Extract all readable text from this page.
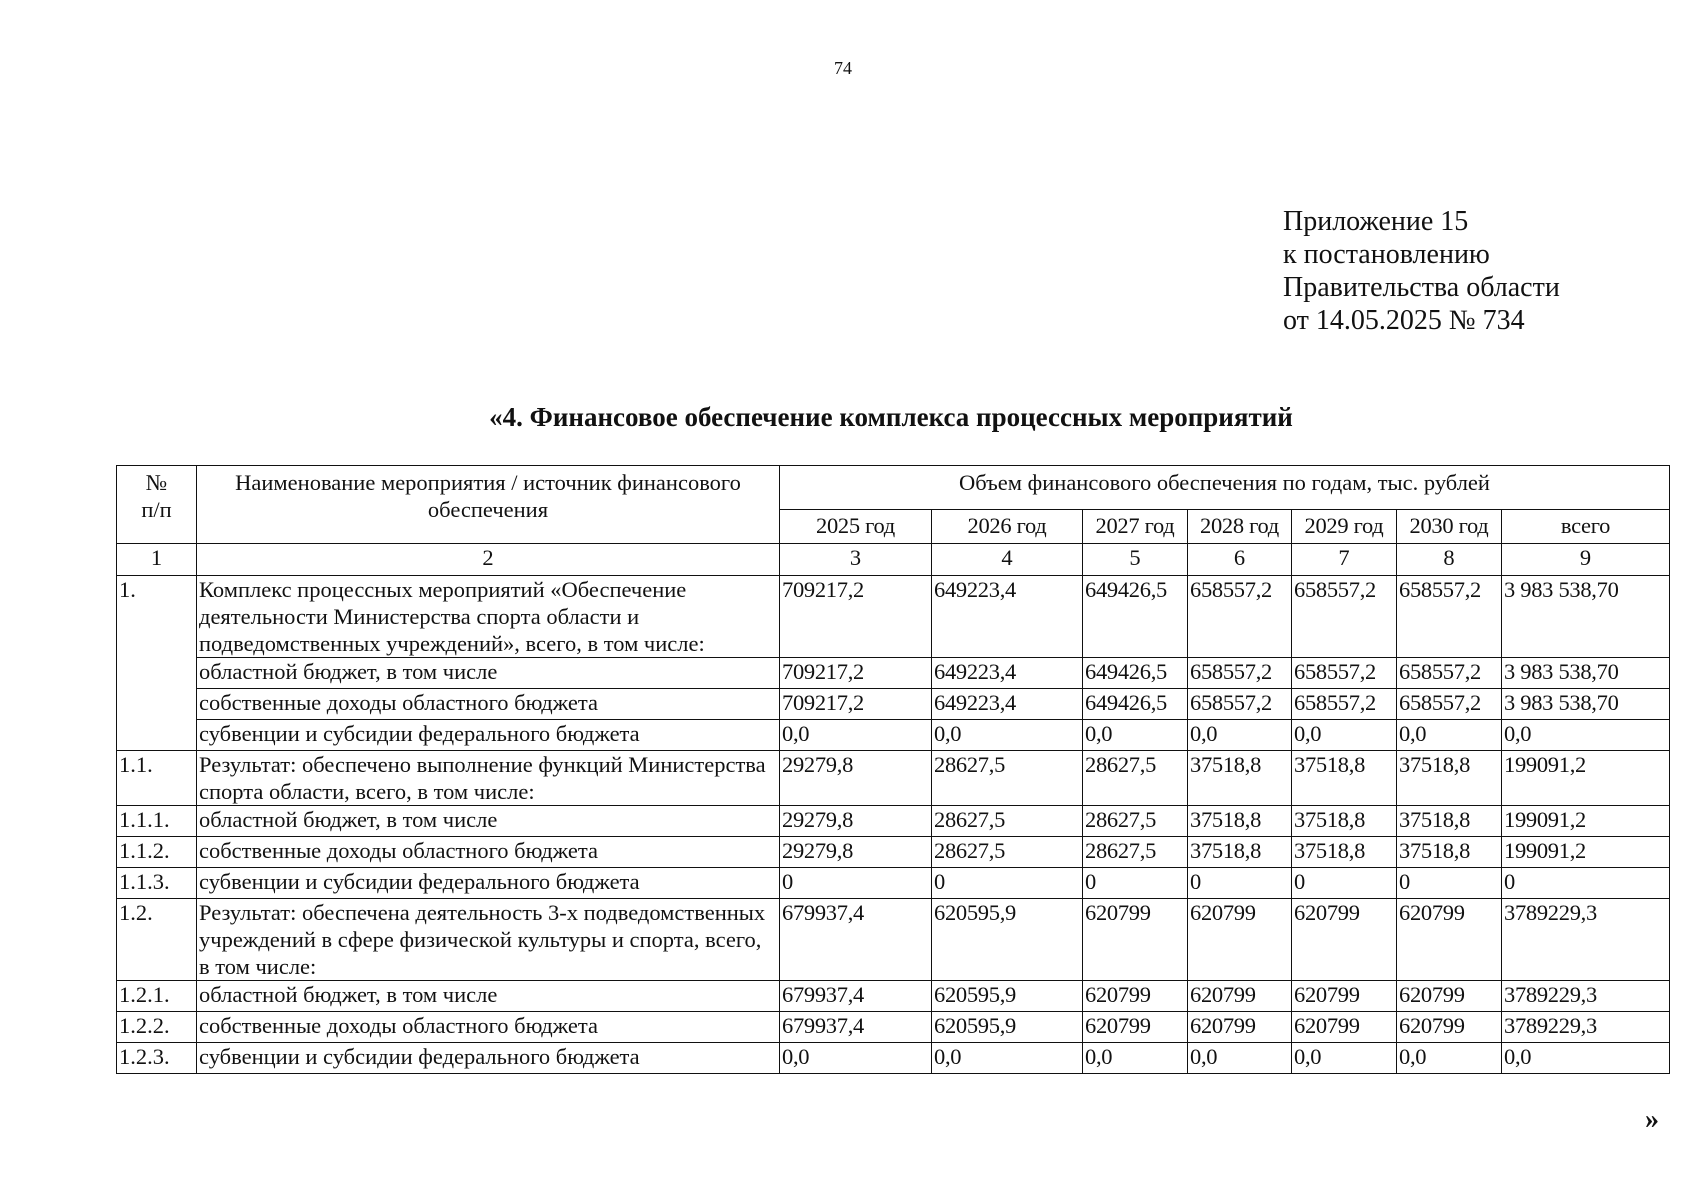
74
Приложение 15
к постановлению
Правительства области
от 14.05.2025 № 734
«4. Финансовое обеспечение комплекса процессных мероприятий
№
п/п	Наименование мероприятия / источник финансового обеспечения	Объем финансового обеспечения по годам, тыс. рублей						
		2025 год	2026 год	2027 год	2028 год	2029 год	2030 год	всего
1	2	3	4	5	6	7	8	9
1.	Комплекс процессных мероприятий «Обеспечение деятельности Министерства спорта области и подведомственных учреждений», всего, в том числе:	709217,2	649223,4	649426,5	658557,2	658557,2	658557,2	3 983 538,70
	областной бюджет, в том числе	709217,2	649223,4	649426,5	658557,2	658557,2	658557,2	3 983 538,70
	собственные доходы областного бюджета	709217,2	649223,4	649426,5	658557,2	658557,2	658557,2	3 983 538,70
	субвенции и субсидии федерального бюджета	0,0	0,0	0,0	0,0	0,0	0,0	0,0
1.1.	Результат: обеспечено выполнение функций Министерства спорта области, всего, в том числе:	29279,8	28627,5	28627,5	37518,8	37518,8	37518,8	199091,2
1.1.1.	областной бюджет, в том числе	29279,8	28627,5	28627,5	37518,8	37518,8	37518,8	199091,2
1.1.2.	собственные доходы областного бюджета	29279,8	28627,5	28627,5	37518,8	37518,8	37518,8	199091,2
1.1.3.	субвенции и субсидии федерального бюджета	0	0	0	0	0	0	0
1.2.	Результат: обеспечена деятельность 3-х подведомственных учреждений в сфере физической культуры и спорта, всего, в том числе:	679937,4	620595,9	620799	620799	620799	620799	3789229,3
1.2.1.	областной бюджет, в том числе	679937,4	620595,9	620799	620799	620799	620799	3789229,3
1.2.2.	собственные доходы областного бюджета	679937,4	620595,9	620799	620799	620799	620799	3789229,3
1.2.3.	субвенции и субсидии федерального бюджета	0,0	0,0	0,0	0,0	0,0	0,0	0,0
»
